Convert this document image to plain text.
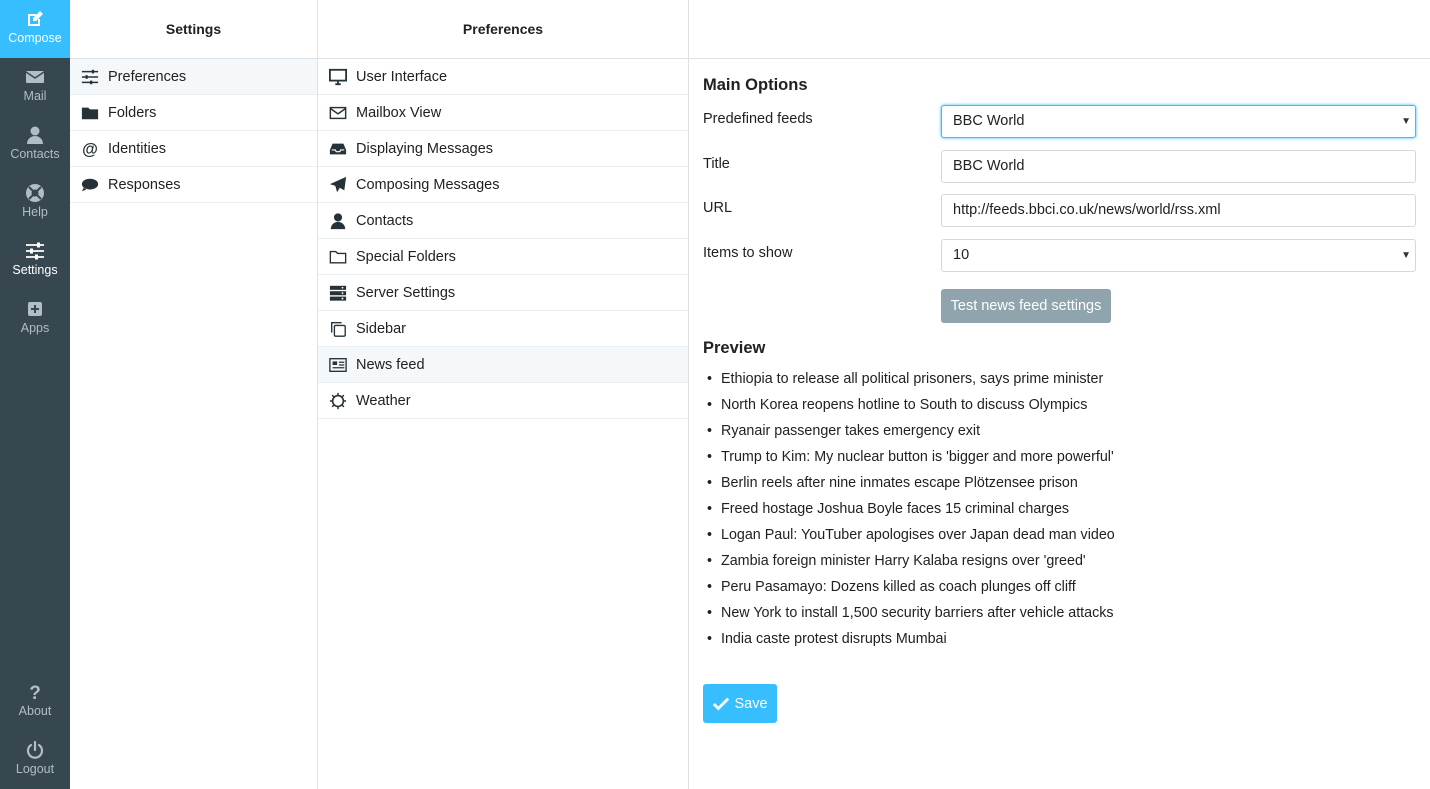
Compose
Mail
Contacts
Help
Settings
Apps
?
About
Logout
Settings
Preferences
Folders
@ Identities
Responses
Preferences
User Interface
Mailbox View
Displaying Messages
Composing Messages
Contacts
Special Folders
Server Settings
Sidebar
News feed
Weather
Main Options
Predefined feeds	BBC World	▼
Title	BBC World
URL	http://feeds.bbci.co.uk/news/world/rss.xml
Items to show	10	▼
Test news feed settings
Preview
• Ethiopia to release all political prisoners, says prime minister
• North Korea reopens hotline to South to discuss Olympics
• Ryanair passenger takes emergency exit
• Trump to Kim: My nuclear button is 'bigger and more powerful'
• Berlin reels after nine inmates escape Plötzensee prison
• Freed hostage Joshua Boyle faces 15 criminal charges
• Logan Paul: YouTuber apologises over Japan dead man video
• Zambia foreign minister Harry Kalaba resigns over 'greed'
• Peru Pasamayo: Dozens killed as coach plunges off cliff
• New York to install 1,500 security barriers after vehicle attacks
• India caste protest disrupts Mumbai
Save
